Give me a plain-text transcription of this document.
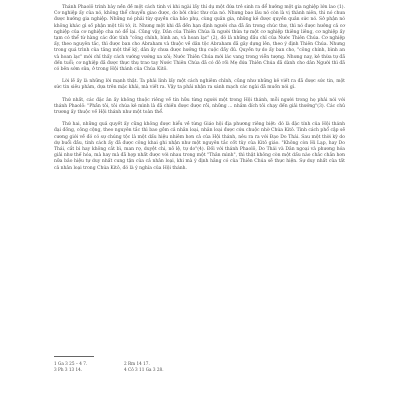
Thánh Phaolô trình bày nền đề một cách tinh vi khi ngài lấy thí dụ một đứa trẻ sinh ra để hưởng một gia nghiệp lớn lao (1). Cơ nghiệp ấy của nó, không thể chuyển giao được, do bởi chúc thư của nó. Nhưng bao lâu nó còn là vị thành niên, thì nó chưa được hưởng gia nghiệp. Những nó phải tùy quyền của bảo phụ, cùng quản gia, những kẻ được quyền quản sức nó. Sở phận nó không khác gì số phận một tôi tớ, ít. Nhưng một khi đã đến hạn định người cha đã ấn trong chúc thư, thì nó được hưởng cả cơ nghiệp của cơ nghiệp cha nó để lại. Cũng vậy, Dân của Thiên Chúa là người thừa tự một cơ nghiệp thiêng liêng, cơ nghiệp ấy tạm có thể từ hàng các đức tính "công chính, bình an, và hoan lạc" (2), đó là những đầu chỉ của Nước Thiên Chúa. Cơ nghiệp ấy, theo nguyên tắc, thì được ban cho Abraham và thuộc về dân tộc Abraham đã gây dựng lên, theo ý định Thiên Chúa. Nhưng trong quá trình của tăng một thế kỷ, dân ấy chưa được hưởng thụ cuộc đầy đủ. Quyền tự do ấy ban cho, "công chính, bình an và hoan lạc" mới chỉ thấy cách vướng vướng xa xôi; Nước Thiên Chúa mới lác vang trong viễn tượng. Nhưng nay, kẻ thừa tự đã đến tuổi; cơ nghiệp đã được thực thụ trao tay Nước Thiên Chúa đã có đô rồi Mẹ đứa Thiên Chúa đã dành cho dân Người thì đã có bên sớm sửa, ở trong Hội thánh của Chúa Kitô.

Lời lẽ ấy là những lời mạnh thật. Ta phải lĩnh lấy một cách nghiêm chỉnh, cũng như những kẻ viết ra đã được sức tin, một sức tin siêu phàm, dựa trên mặc khải, mà viết ra. Vậy ta phải nhận ra sánh mạch các ngài đã muốn nói gì.

Thứ nhất, các đặc ân ấy không thuộc riêng về tín hữu từng người một trong Hội thánh, mỗi người trong họ phải nói với thánh Phaolô: "Phần tôi, tôi chúa kẻ mình là đã chiến được được rồi, những ... nhắm đích tôi chạy đến giải thưởng"(3). Các chủ trương ấy thuộc về Hội thánh như một toàn thể.

Thứ hai, những quả quyết ấy cũng không được hiểu về từng Giáo hội địa phương riêng biệt: đó là đặc tính của Hội thánh đại đồng, công cộng, theo nguyên tắc thì bao gồm cả nhân loại, nhân loại được cứu chuộc nhờ Chúa Kitô. Tính cách phổ cập sẽ cương giới về đó có sự chúng tộc là một dấu hiệu nhiêm hơn cả của Hội thánh, nêu ra ra với Đạo Do Thái. Sau một thời kỳ do dự buổi đầu, tính cách ấy đã được công khai ghi nhận như một nguyên tắc cốt tủy của Kitô giáo. "Không còn Hi Lạp, hay Do Thái, cắt bì hay không cắt bì, man rợ, duyệt chi, nô lệ, tự do"(4). Đối với thánh Phaolô, Do Thái và Dân ngoại và phương hóa giải như thế hóa, mà hay mà đã hợp nhất được với nhau trong một "Thân mình", thì thật không còn một dấu nào chắc chắn hơn nữa bảo hiệu tự duy nhất cung tận của cả nhân loại, khi mà ý định hằng có của Thiên Chúa sẽ thực hiện. Sự duy nhất của tất cả nhân loại trong Chúa Kitô, đó là ý nghĩa của Hội thánh.

1 Ga 3 25 – 4 7.	2 Rm 14 17.
3 Ph 3 13 14.	4 Cô 3 11 Ga 3 28.
